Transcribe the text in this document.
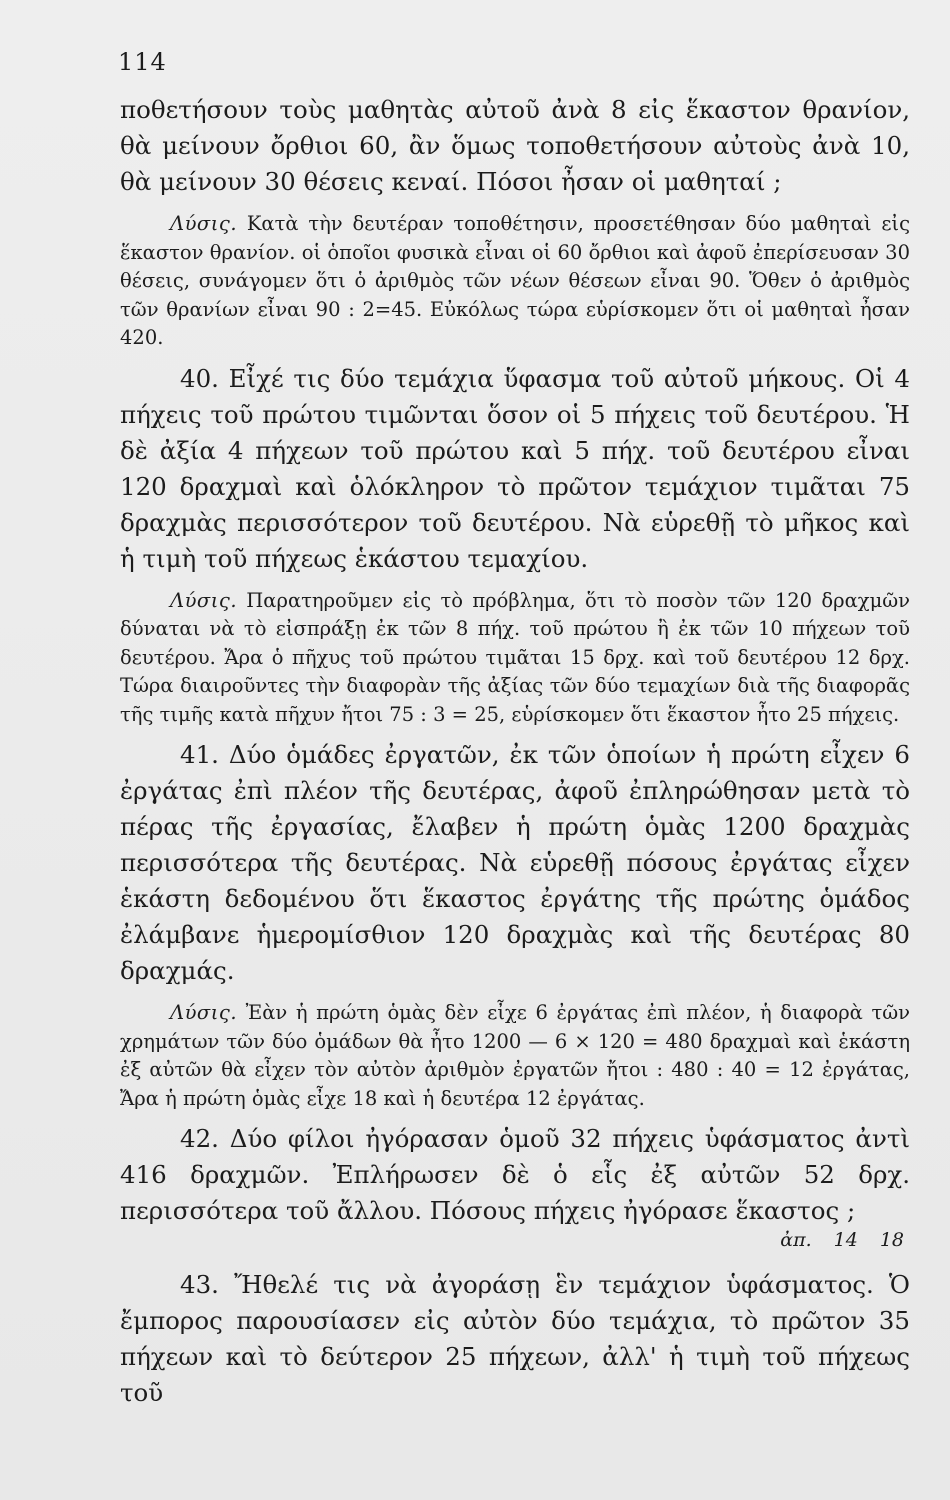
114

ποθετήσουν τοὺς μαθητὰς αὐτοῦ ἀνὰ 8 εἰς ἕκαστον θρανίον, θὰ μείνουν ὄρθιοι 60, ἂν ὅμως τοποθετήσουν αὐτοὺς ἀνὰ 10, θὰ μείνουν 30 θέσεις κεναί. Πόσοι ἦσαν οἱ μαθηταί ;

Λύσις. Κατὰ τὴν δευτέραν τοποθέτησιν, προσετέθησαν δύο μαθηταὶ εἰς ἕκαστον θρανίον. οἱ ὁποῖοι φυσικὰ εἶναι οἱ 60 ὄρθιοι καὶ ἀφοῦ ἐπερίσευσαν 30 θέσεις, συνάγομεν ὅτι ὁ ἀριθμὸς τῶν νέων θέσεων εἶναι 90. Ὅθεν ὁ ἀριθμὸς τῶν θρανίων εἶναι 90 : 2=45. Εὐκόλως τώρα εὑρίσκομεν ὅτι οἱ μαθηταὶ ἦσαν 420.

40. Εἶχέ τις δύο τεμάχια ὕφασμα τοῦ αὐτοῦ μήκους. Οἱ 4 πήχεις τοῦ πρώτου τιμῶνται ὅσον οἱ 5 πήχεις τοῦ δευτέρου. Ἡ δὲ ἀξία 4 πήχεων τοῦ πρώτου καὶ 5 πήχ. τοῦ δευτέρου εἶναι 120 δραχμαὶ καὶ ὁλόκληρον τὸ πρῶτον τεμάχιον τιμᾶται 75 δραχμὰς περισσότερον τοῦ δευτέρου. Νὰ εὑρεθῇ τὸ μῆκος καὶ ἡ τιμὴ τοῦ πήχεως ἑκάστου τεμαχίου.

Λύσις. Παρατηροῦμεν εἰς τὸ πρόβλημα, ὅτι τὸ ποσὸν τῶν 120 δραχμῶν δύναται νὰ τὸ εἰσπράξῃ ἐκ τῶν 8 πήχ. τοῦ πρώτου ἢ ἐκ τῶν 10 πήχεων τοῦ δευτέρου. Ἄρα ὁ πῆχυς τοῦ πρώτου τιμᾶται 15 δρχ. καὶ τοῦ δευτέρου 12 δρχ. Τώρα διαιροῦντες τὴν διαφορὰν τῆς ἀξίας τῶν δύο τεμαχίων διὰ τῆς διαφορᾶς τῆς τιμῆς κατὰ πῆχυν ἤτοι 75 : 3 = 25, εὑρίσκομεν ὅτι ἕκαστον ἦτο 25 πήχεις.

41. Δύο ὁμάδες ἐργατῶν, ἐκ τῶν ὁποίων ἡ πρώτη εἶχεν 6 ἐργάτας ἐπὶ πλέον τῆς δευτέρας, ἀφοῦ ἐπληρώθησαν μετὰ τὸ πέρας τῆς ἐργασίας, ἔλαβεν ἡ πρώτη ὁμὰς 1200 δραχμὰς περισσότερα τῆς δευτέρας. Νὰ εὑρεθῇ πόσους ἐργάτας εἶχεν ἑκάστη δεδομένου ὅτι ἕκαστος ἐργάτης τῆς πρώτης ὁμάδος ἐλάμβανε ἡμερομίσθιον 120 δραχμὰς καὶ τῆς δευτέρας 80 δραχμάς.

Λύσις. Ἐὰν ἡ πρώτη ὁμὰς δὲν εἶχε 6 ἐργάτας ἐπὶ πλέον, ἡ διαφορὰ τῶν χρημάτων τῶν δύο ὁμάδων θὰ ἦτο 1200 — 6 × 120 = 480 δραχμαὶ καὶ ἑκάστη ἐξ αὐτῶν θὰ εἶχεν τὸν αὐτὸν ἀριθμὸν ἐργατῶν ἤτοι : 480 : 40 = 12 ἐργάτας, Ἄρα ἡ πρώτη ὁμὰς εἶχε 18 καὶ ἡ δευτέρα 12 ἐργάτας.

42. Δύο φίλοι ἠγόρασαν ὁμοῦ 32 πήχεις ὑφάσματος ἀντὶ 416 δραχμῶν. Ἐπλήρωσεν δὲ ὁ εἷς ἐξ αὐτῶν 52 δρχ. περισσότερα τοῦ ἄλλου. Πόσους πήχεις ἠγόρασε ἕκαστος ;

ἀπ. 14 18

43. Ἤθελέ τις νὰ ἀγοράσῃ ἓν τεμάχιον ὑφάσματος. Ὁ ἔμπορος παρουσίασεν εἰς αὐτὸν δύο τεμάχια, τὸ πρῶτον 35 πήχεων καὶ τὸ δεύτερον 25 πήχεων, ἀλλ' ἡ τιμὴ τοῦ πήχεως τοῦ
